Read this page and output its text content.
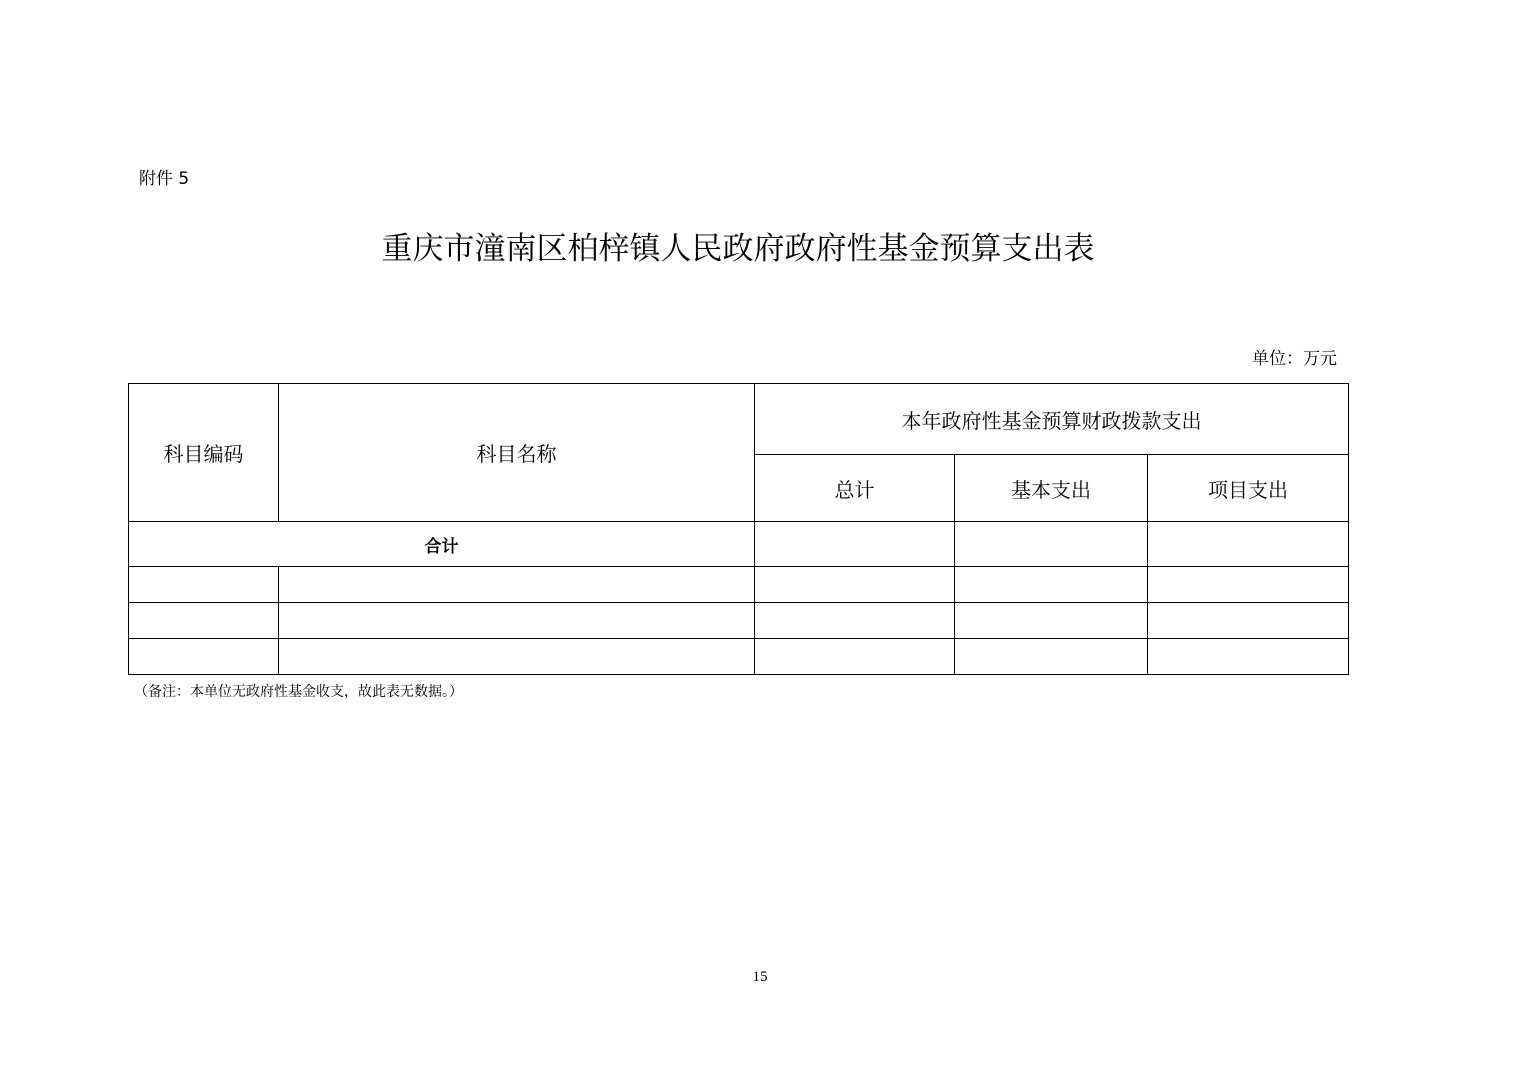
附件 5
重庆市潼南区柏梓镇人民政府政府性基金预算支出表
单位：万元
科目编码	科目名称	本年政府性基金预算财政拨款支出		
		总计	基本支出	项目支出
合计				

（备注：本单位无政府性基金收支，故此表无数据。）
15
